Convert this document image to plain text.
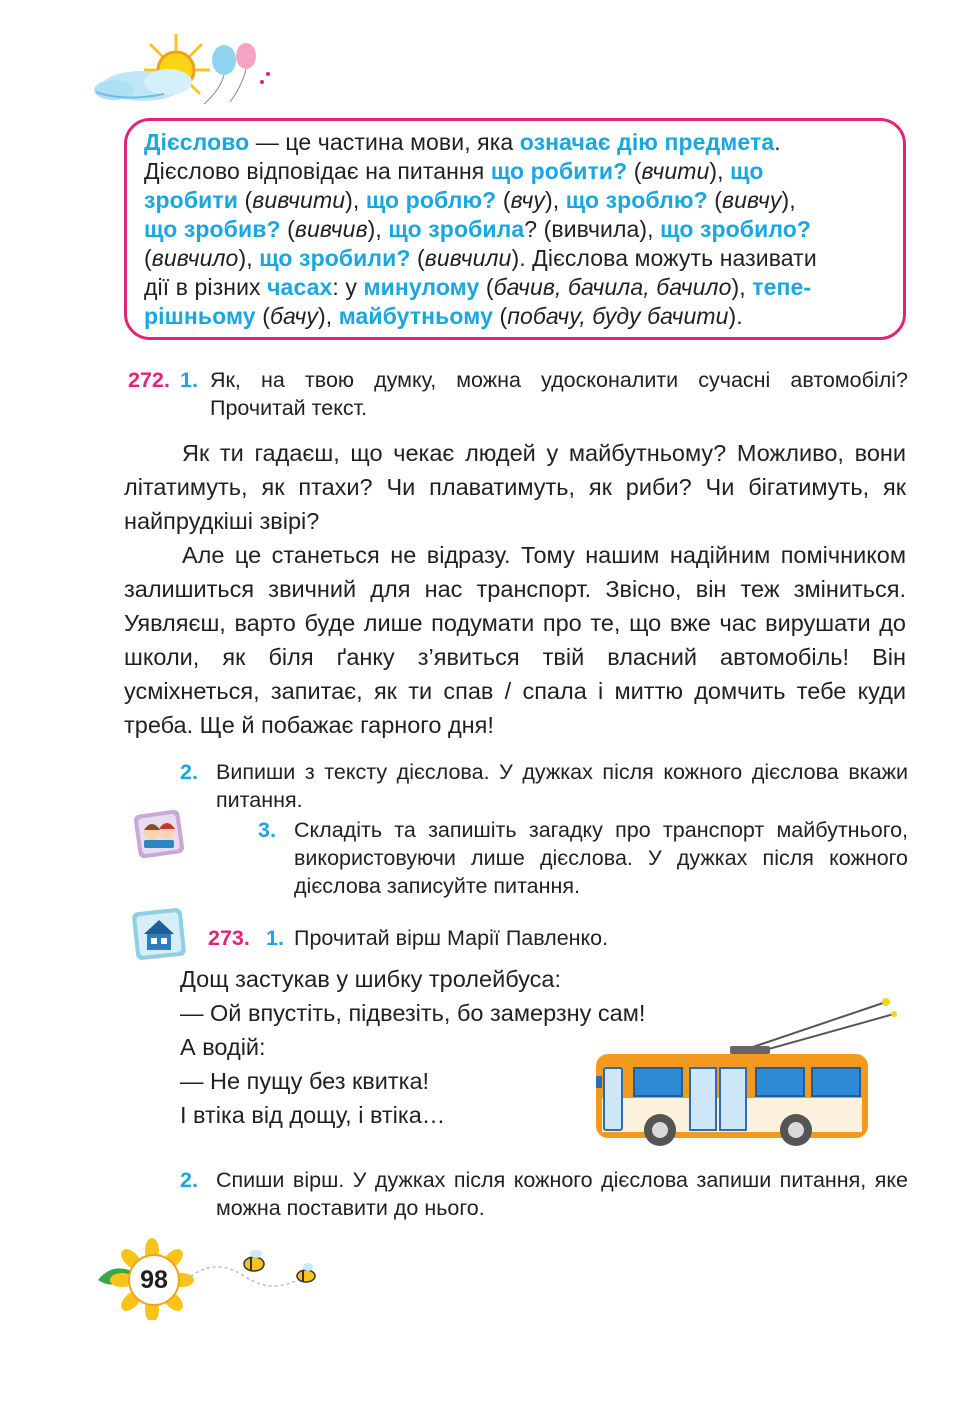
Дієслово — це частина мови, яка означає дію предмета.

Дієслово відповідає на питання що робити? (вчити), що

зробити (вивчити), що роблю? (вчу), що зроблю? (вивчу),

що зробив? (вивчив), що зробила? (вивчила), що зробило?

(вивчило), що зробили? (вивчили). Дієслова можуть називати

дії в різних часах: у минулому (бачив, бачила, бачило), тепе-

рішньому (бачу), майбутньому (побачу, буду бачити).

272. 1. Як, на твою думку, можна удосконалити сучасні автомобілі? Прочитай текст.

Як ти гадаєш, що чекає людей у майбутньому? Можливо, вони літатимуть, як птахи? Чи плаватимуть, як риби? Чи бігатимуть, як найпрудкіші звірі?

Але це станеться не відразу. Тому нашим надійним помічником залишиться звичний для нас транспорт. Звісно, він теж зміниться. Уявляєш, варто буде лише подумати про те, що вже час вирушати до школи, як біля ґанку з’явиться твій власний автомобіль! Він усміхнеться, запитає, як ти спав / спала і миттю домчить тебе куди треба. Ще й побажає гарного дня!

2. Випиши з тексту дієслова. У дужках після кожного дієслова вкажи питання.
3. Складіть та запишіть загадку про транспорт майбутнього, використовуючи лише дієслова. У дужках після кожного дієслова записуйте питання.
273. 1. Прочитай вірш Марії Павленко.
Дощ застукав у шибку тролейбуса:
— Ой впустіть, підвезіть, бо замерзну сам!
А водій:
— Не пущу без квитка!
І втіка від дощу, і втіка…
2. Спиши вірш. У дужках після кожного дієслова запиши питання, яке можна поставити до нього.
98
